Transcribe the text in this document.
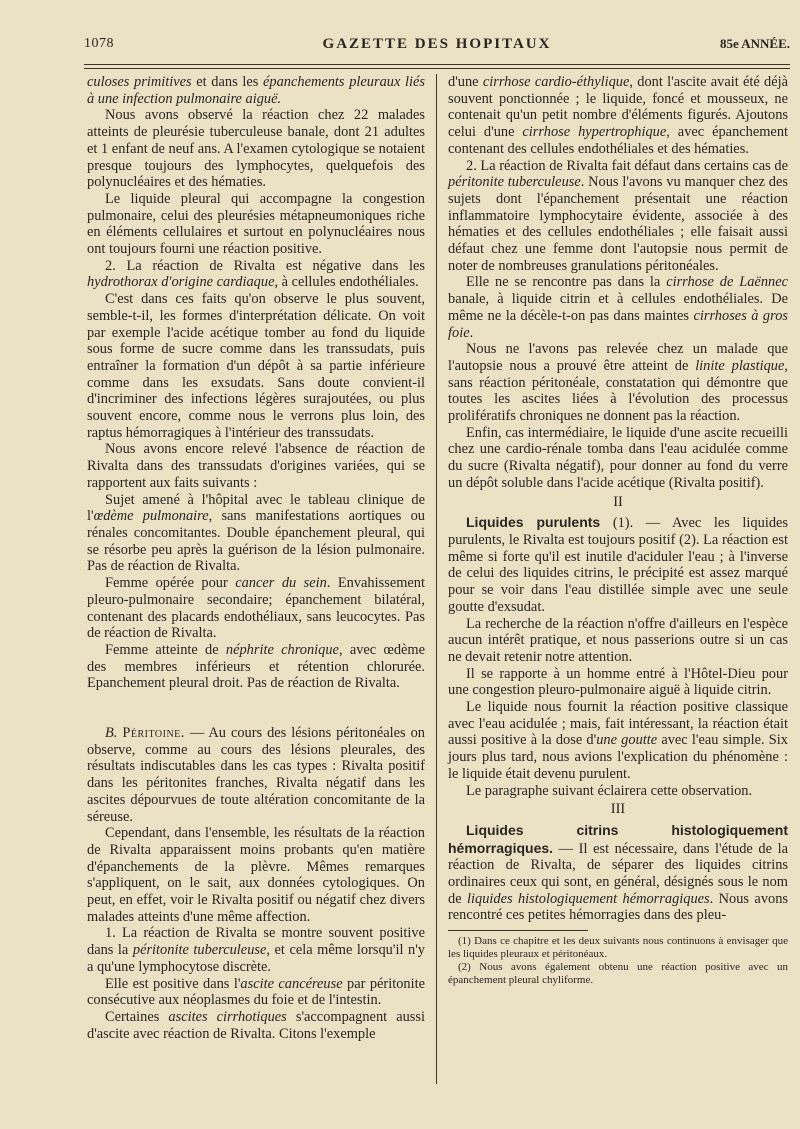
1078	GAZETTE DES HOPITAUX	85e ANNÉE.

culoses primitives et dans les épanchements pleuraux liés à une infection pulmonaire aiguë.

Nous avons observé la réaction chez 22 malades atteints de pleurésie tuberculeuse banale, dont 21 adultes et 1 enfant de neuf ans. A l'examen cytologique se notaient presque toujours des lymphocytes, quelquefois des polynucléaires et des hématies.

Le liquide pleural qui accompagne la congestion pulmonaire, celui des pleurésies métapneumoniques riche en éléments cellulaires et surtout en polynucléaires nous ont toujours fourni une réaction positive.

2. La réaction de Rivalta est négative dans les hydrothorax d'origine cardiaque, à cellules endothéliales.

C'est dans ces faits qu'on observe le plus souvent, semble-t-il, les formes d'interprétation délicate. On voit par exemple l'acide acétique tomber au fond du liquide sous forme de sucre comme dans les transsudats, puis entraîner la formation d'un dépôt à sa partie inférieure comme dans les exsudats. Sans doute convient-il d'incriminer des infections légères surajoutées, ou plus souvent encore, comme nous le verrons plus loin, des raptus hémorragiques à l'intérieur des transsudats.

Nous avons encore relevé l'absence de réaction de Rivalta dans des transsudats d'origines variées, qui se rapportent aux faits suivants :

Sujet amené à l'hôpital avec le tableau clinique de l'œdème pulmonaire, sans manifestations aortiques ou rénales concomitantes. Double épanchement pleural, qui se résorbe peu après la guérison de la lésion pulmonaire. Pas de réaction de Rivalta.

Femme opérée pour cancer du sein. Envahissement pleuro-pulmonaire secondaire; épanchement bilatéral, contenant des placards endothéliaux, sans leucocytes. Pas de réaction de Rivalta.

Femme atteinte de néphrite chronique, avec œdème des membres inférieurs et rétention chlorurée. Epanchement pleural droit. Pas de réaction de Rivalta.

B. Péritoine. — Au cours des lésions péritonéales on observe, comme au cours des lésions pleurales, des résultats indiscutables dans les cas types : Rivalta positif dans les péritonites franches, Rivalta négatif dans les ascites dépourvues de toute altération concomitante de la séreuse.

Cependant, dans l'ensemble, les résultats de la réaction de Rivalta apparaissent moins probants qu'en matière d'épanchements de la plèvre. Mêmes remarques s'appliquent, on le sait, aux données cytologiques. On peut, en effet, voir le Rivalta positif ou négatif chez divers malades atteints d'une même affection.

1. La réaction de Rivalta se montre souvent positive dans la péritonite tuberculeuse, et cela même lorsqu'il n'y a qu'une lymphocytose discrète.

Elle est positive dans l'ascite cancéreuse par péritonite consécutive aux néoplasmes du foie et de l'intestin.

Certaines ascites cirrhotiques s'accompagnent aussi d'ascite avec réaction de Rivalta. Citons l'exemple

d'une cirrhose cardio-éthylique, dont l'ascite avait été déjà souvent ponctionnée ; le liquide, foncé et mousseux, ne contenait qu'un petit nombre d'éléments figurés. Ajoutons celui d'une cirrhose hypertrophique, avec épanchement contenant des cellules endothéliales et des hématies.

2. La réaction de Rivalta fait défaut dans certains cas de péritonite tuberculeuse. Nous l'avons vu manquer chez des sujets dont l'épanchement présentait une réaction inflammatoire lymphocytaire évidente, associée à des hématies et des cellules endothéliales ; elle faisait aussi défaut chez une femme dont l'autopsie nous permit de noter de nombreuses granulations péritonéales.

Elle ne se rencontre pas dans la cirrhose de Laënnec banale, à liquide citrin et à cellules endothéliales. De même ne la décèle-t-on pas dans maintes cirrhoses à gros foie.

Nous ne l'avons pas relevée chez un malade que l'autopsie nous a prouvé être atteint de linite plastique, sans réaction péritonéale, constatation qui démontre que toutes les ascites liées à l'évolution des processus prolifératifs chroniques ne donnent pas la réaction.

Enfin, cas intermédiaire, le liquide d'une ascite recueilli chez une cardio-rénale tomba dans l'eau acidulée comme du sucre (Rivalta négatif), pour donner au fond du verre un dépôt soluble dans l'acide acétique (Rivalta positif).

II

Liquides purulents (1). — Avec les liquides purulents, le Rivalta est toujours positif (2). La réaction est même si forte qu'il est inutile d'aciduler l'eau ; à l'inverse de celui des liquides citrins, le précipité est assez marqué pour se voir dans l'eau distillée simple avec une seule goutte d'exsudat.

La recherche de la réaction n'offre d'ailleurs en l'espèce aucun intérêt pratique, et nous passerions outre si un cas ne devait retenir notre attention.

Il se rapporte à un homme entré à l'Hôtel-Dieu pour une congestion pleuro-pulmonaire aiguë à liquide citrin.

Le liquide nous fournit la réaction positive classique avec l'eau acidulée ; mais, fait intéressant, la réaction était aussi positive à la dose d'une goutte avec l'eau simple. Six jours plus tard, nous avions l'explication du phénomène : le liquide était devenu purulent.

Le paragraphe suivant éclairera cette observation.

III

Liquides citrins histologiquement hémorragiques. — Il est nécessaire, dans l'étude de la réaction de Rivalta, de séparer des liquides citrins ordinaires ceux qui sont, en général, désignés sous le nom de liquides histologiquement hémorragiques. Nous avons rencontré ces petites hémorragies dans des pleu-

(1) Dans ce chapitre et les deux suivants nous continuons à envisager que les liquides pleuraux et péritonéaux.

(2) Nous avons également obtenu une réaction positive avec un épanchement pleural chyliforme.
